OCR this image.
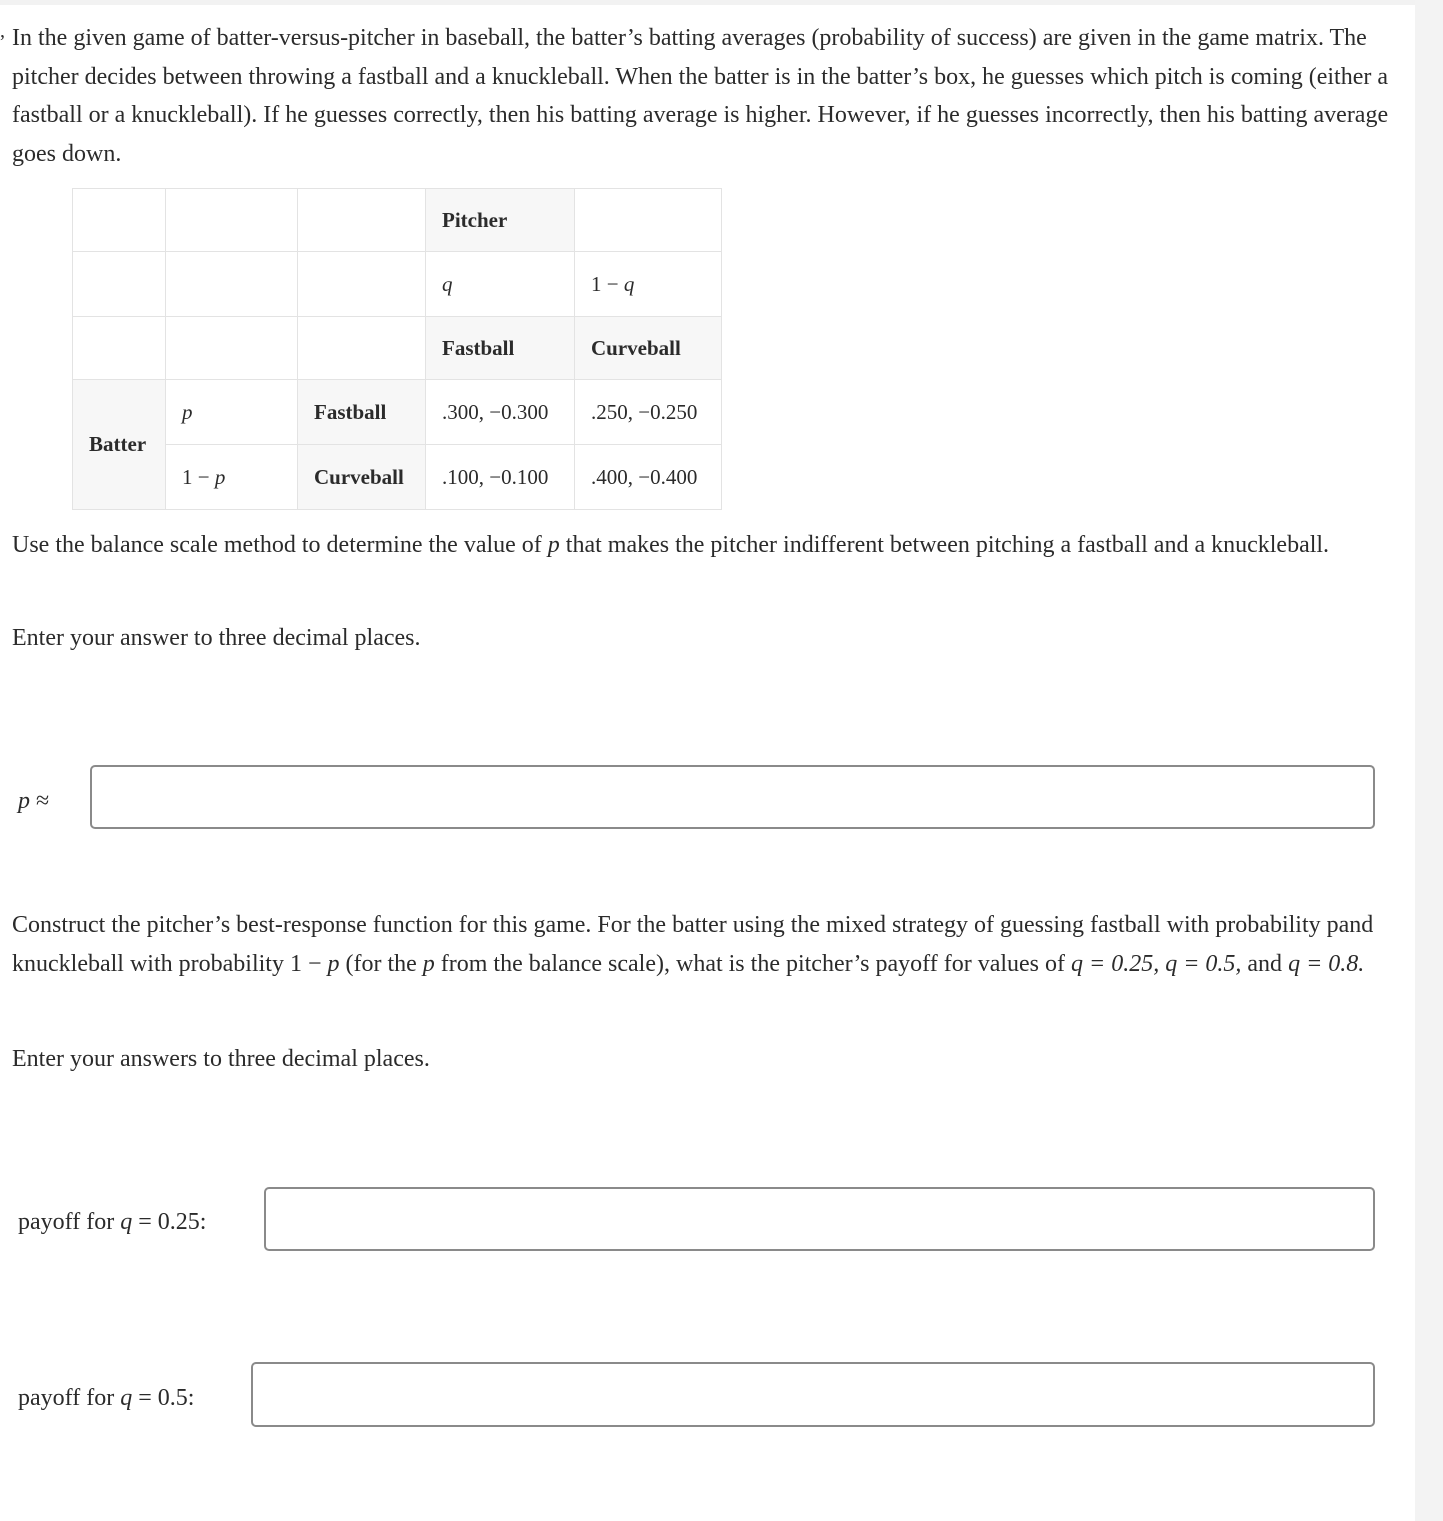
, In the given game of batter-versus-pitcher in baseball, the batter’s batting averages (probability of success) are given in the game matrix. The pitcher decides between throwing a fastball and a knuckleball. When the batter is in the batter’s box, he guesses which pitch is coming (either a fastball or a knuckleball). If he guesses correctly, then his batting average is higher. However, if he guesses incorrectly, then his batting average goes down.

			Pitcher	
			q	1 − q
			Fastball	Curveball
Batter	p	Fastball	.300, −0.300	.250, −0.250
	1 − p	Curveball	.100, −0.100	.400, −0.400

Use the balance scale method to determine the value of p that makes the pitcher indifferent between pitching a fastball and a knuckleball.

Enter your answer to three decimal places.

p ≈

Construct the pitcher’s best-response function for this game. For the batter using the mixed strategy of guessing fastball with probability pand knuckleball with probability 1 − p (for the p from the balance scale), what is the pitcher’s payoff for values of q = 0.25, q = 0.5, and q = 0.8.

Enter your answers to three decimal places.

payoff for q = 0.25:
payoff for q = 0.5:
